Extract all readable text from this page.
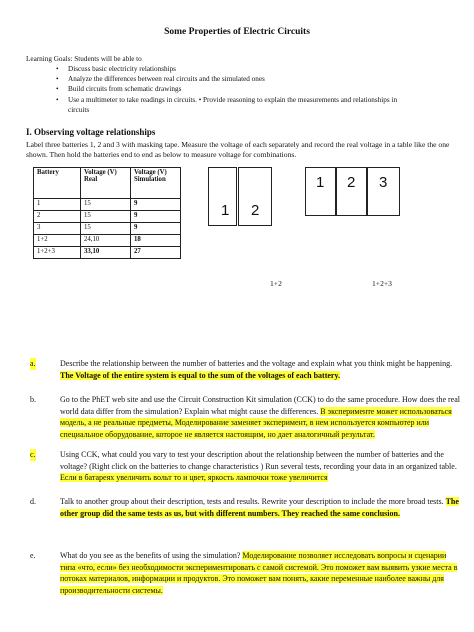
Some Properties of Electric Circuits
Learning Goals: Students will be able to
• Discuss basic electricity relationships
• Analyze the differences between real circuits and the simulated ones
• Build circuits from schematic drawings
• Use a multimeter to take readings in circuits. • Provide reasoning to explain the measurements and relationships in circuits
I. Observing voltage relationships
Label three batteries 1, 2 and 3 with masking tape. Measure the voltage of each separately and record the real voltage in a table like the one shown. Then hold the batteries end to end as below to measure voltage for combinations.
Battery	Voltage (V) Real	Voltage (V) Simulation
1	15	9
2	15	9
3	15	9
1+2	24,10	18
1+2+3	33,10	27
1 2
1 2 3
1+2	1+2+3
a.	Describe the relationship between the number of batteries and the voltage and explain what you think might be happening. The Voltage of the entire system is equal to the sum of the voltages of each battery.
b.	Go to the PhET web site and use the Circuit Construction Kit simulation (CCK) to do the same procedure. How does the real world data differ from the simulation? Explain what might cause the differences. В эксперименте может использоваться модель, а не реальные предметы, Моделирование заменяет эксперимент, в нем используется компьютер или специальное оборудование, которое не является настоящим, но дает аналогичный результат.
c.	Using CCK, what could you vary to test your description about the relationship between the number of batteries and the voltage? (Right click on the batteries to change characteristics ) Run several tests, recording your data in an organized table. Если в батареях увеличить вольт то и цвет, яркость лампочки тоже увеличится
d.	Talk to another group about their description, tests and results. Rewrite your description to include the more broad tests. The other group did the same tests as us, but with different numbers. They reached the same conclusion.
e.	What do you see as the benefits of using the simulation? Моделирование позволяет исследовать вопросы и сценарии типа «что, если» без необходимости экспериментировать с самой системой. Это поможет вам выявить узкие места в потоках материалов, информации и продуктов. Это поможет вам понять, какие переменные наиболее важны для производительности системы.
